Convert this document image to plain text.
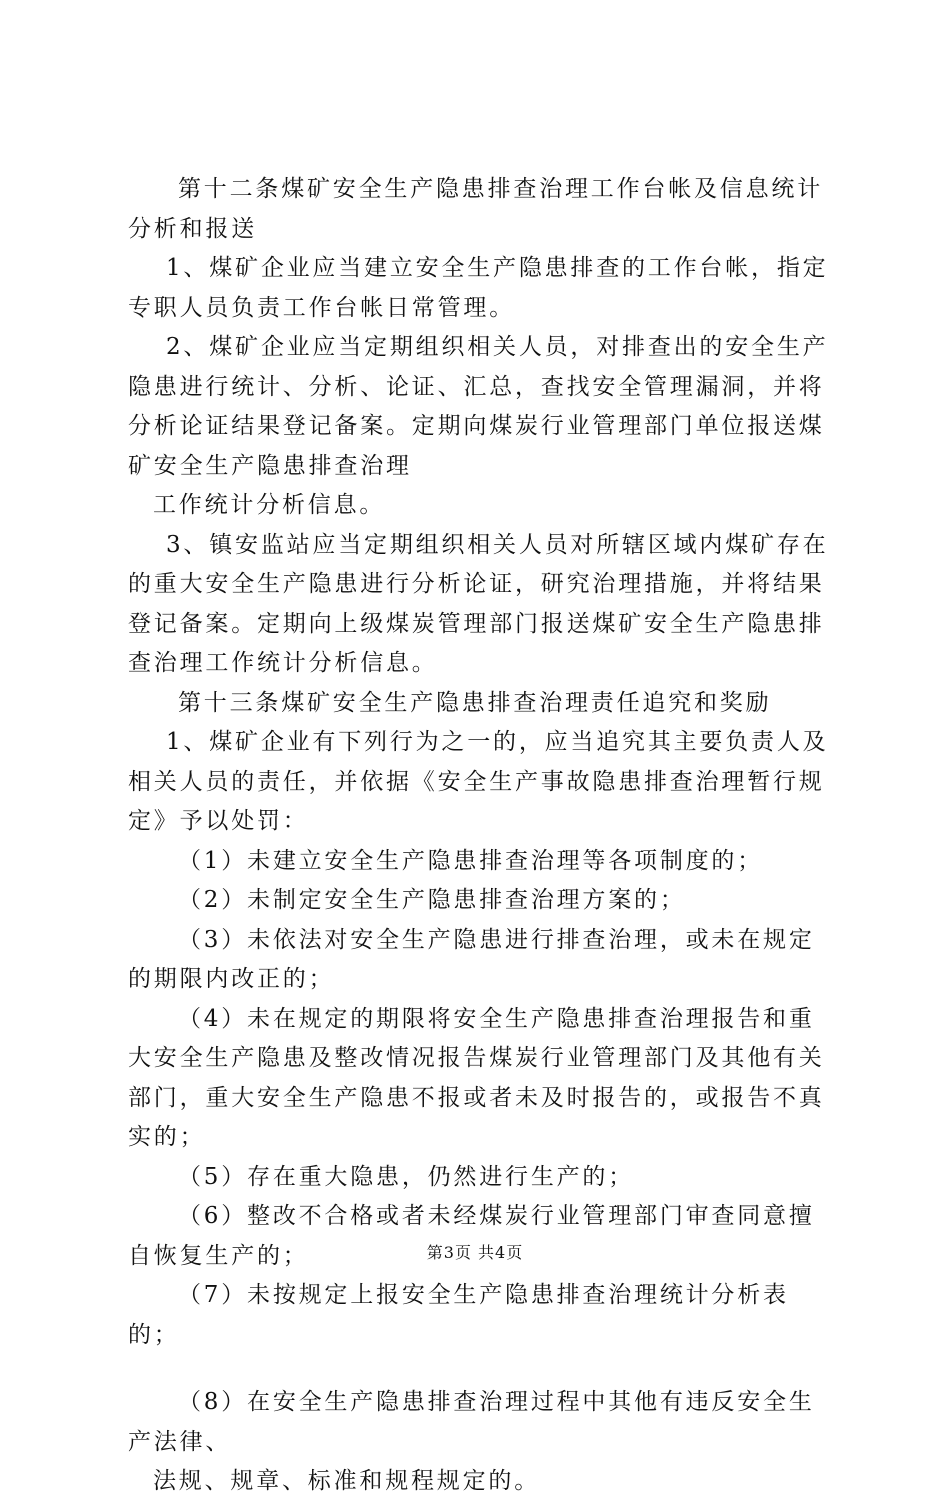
第十二条煤矿安全生产隐患排查治理工作台帐及信息统计分析和报送

1、煤矿企业应当建立安全生产隐患排查的工作台帐，指定专职人员负责工作台帐日常管理。

2、煤矿企业应当定期组织相关人员，对排查出的安全生产隐患进行统计、分析、论证、汇总，查找安全管理漏洞，并将分析论证结果登记备案。定期向煤炭行业管理部门单位报送煤矿安全生产隐患排查治理

工作统计分析信息。

3、镇安监站应当定期组织相关人员对所辖区域内煤矿存在的重大安全生产隐患进行分析论证，研究治理措施，并将结果登记备案。定期向上级煤炭管理部门报送煤矿安全生产隐患排查治理工作统计分析信息。

第十三条煤矿安全生产隐患排查治理责任追究和奖励

1、煤矿企业有下列行为之一的，应当追究其主要负责人及相关人员的责任，并依据《安全生产事故隐患排查治理暂行规定》予以处罚：

（1）未建立安全生产隐患排查治理等各项制度的；

（2）未制定安全生产隐患排查治理方案的；

（3）未依法对安全生产隐患进行排查治理，或未在规定的期限内改正的；

（4）未在规定的期限将安全生产隐患排查治理报告和重大安全生产隐患及整改情况报告煤炭行业管理部门及其他有关部门，重大安全生产隐患不报或者未及时报告的，或报告不真实的；

（5）存在重大隐患，仍然进行生产的；

（6）整改不合格或者未经煤炭行业管理部门审查同意擅自恢复生产的；

（7）未按规定上报安全生产隐患排查治理统计分析表的；

（8）在安全生产隐患排查治理过程中其他有违反安全生产法律、

法规、规章、标准和规程规定的。

第3页 共4页
